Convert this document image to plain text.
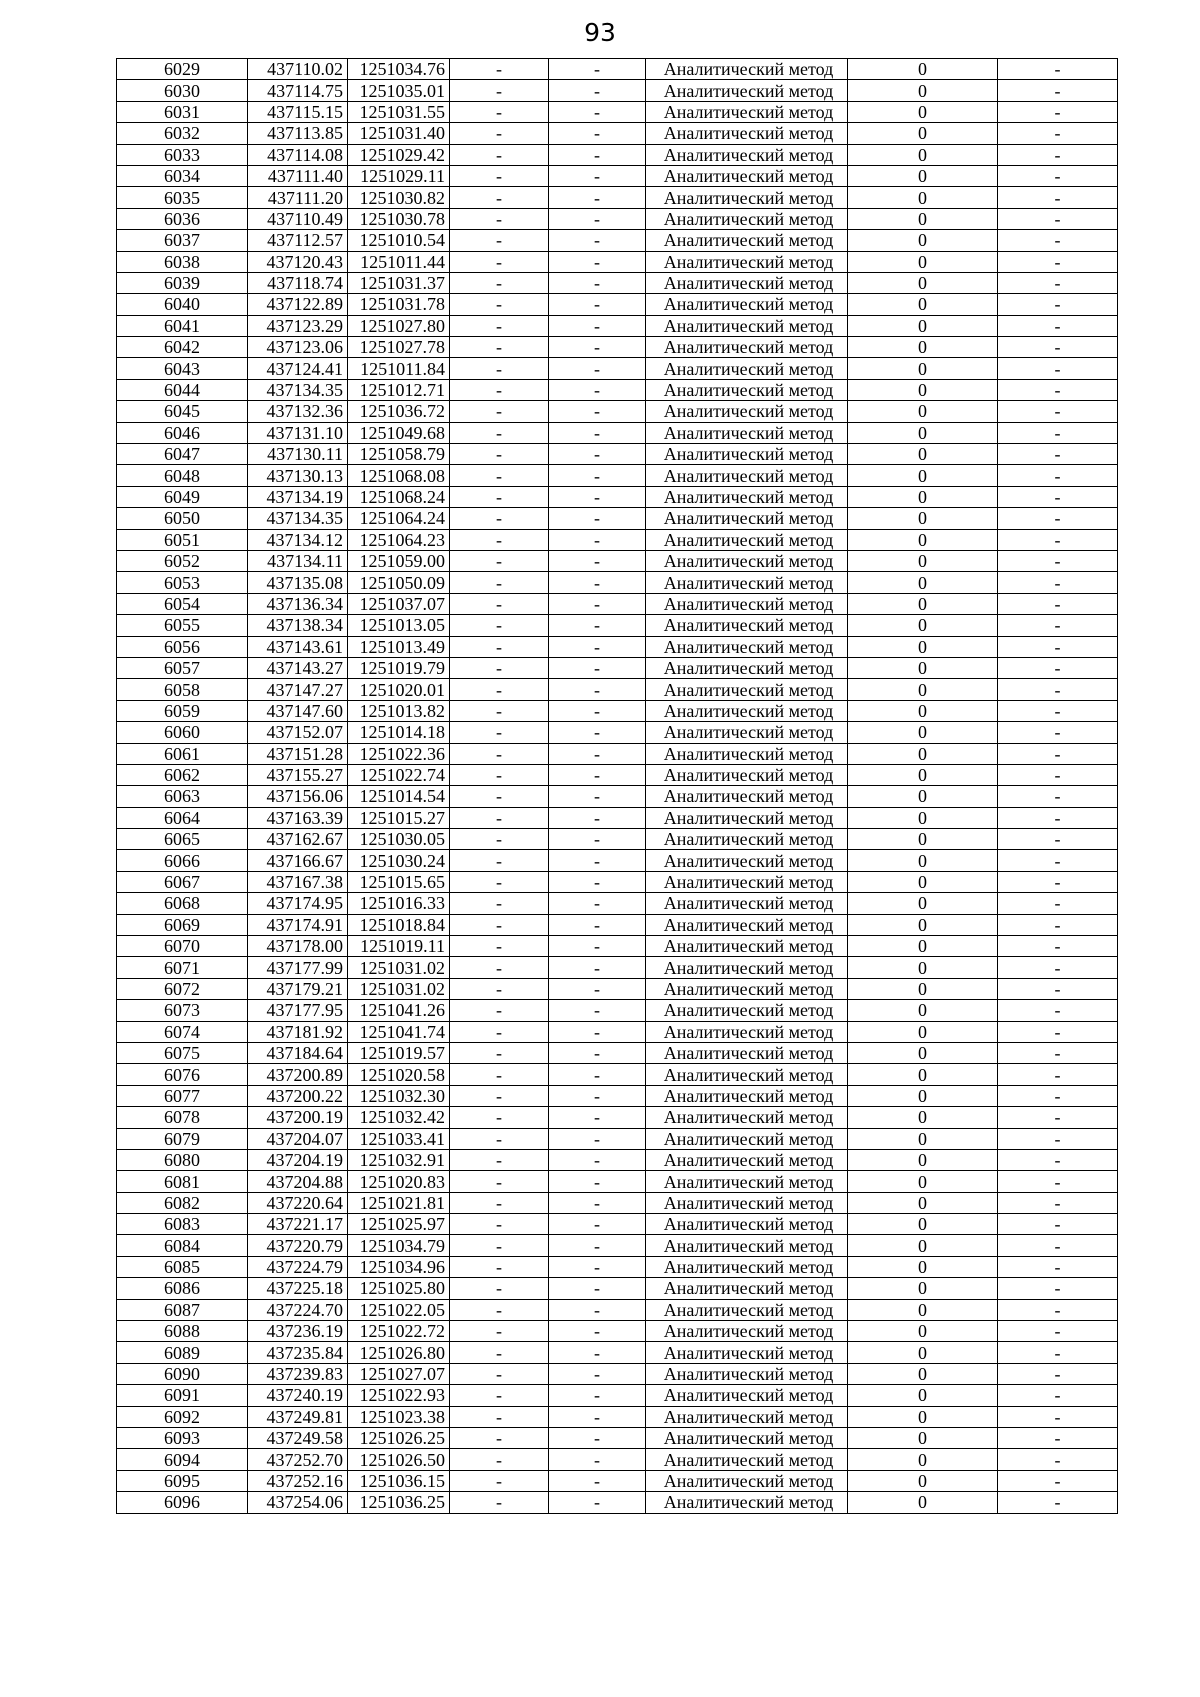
93
6029	437110.02	1251034.76	-	-	Аналитический метод	0	-
6030	437114.75	1251035.01	-	-	Аналитический метод	0	-
6031	437115.15	1251031.55	-	-	Аналитический метод	0	-
6032	437113.85	1251031.40	-	-	Аналитический метод	0	-
6033	437114.08	1251029.42	-	-	Аналитический метод	0	-
6034	437111.40	1251029.11	-	-	Аналитический метод	0	-
6035	437111.20	1251030.82	-	-	Аналитический метод	0	-
6036	437110.49	1251030.78	-	-	Аналитический метод	0	-
6037	437112.57	1251010.54	-	-	Аналитический метод	0	-
6038	437120.43	1251011.44	-	-	Аналитический метод	0	-
6039	437118.74	1251031.37	-	-	Аналитический метод	0	-
6040	437122.89	1251031.78	-	-	Аналитический метод	0	-
6041	437123.29	1251027.80	-	-	Аналитический метод	0	-
6042	437123.06	1251027.78	-	-	Аналитический метод	0	-
6043	437124.41	1251011.84	-	-	Аналитический метод	0	-
6044	437134.35	1251012.71	-	-	Аналитический метод	0	-
6045	437132.36	1251036.72	-	-	Аналитический метод	0	-
6046	437131.10	1251049.68	-	-	Аналитический метод	0	-
6047	437130.11	1251058.79	-	-	Аналитический метод	0	-
6048	437130.13	1251068.08	-	-	Аналитический метод	0	-
6049	437134.19	1251068.24	-	-	Аналитический метод	0	-
6050	437134.35	1251064.24	-	-	Аналитический метод	0	-
6051	437134.12	1251064.23	-	-	Аналитический метод	0	-
6052	437134.11	1251059.00	-	-	Аналитический метод	0	-
6053	437135.08	1251050.09	-	-	Аналитический метод	0	-
6054	437136.34	1251037.07	-	-	Аналитический метод	0	-
6055	437138.34	1251013.05	-	-	Аналитический метод	0	-
6056	437143.61	1251013.49	-	-	Аналитический метод	0	-
6057	437143.27	1251019.79	-	-	Аналитический метод	0	-
6058	437147.27	1251020.01	-	-	Аналитический метод	0	-
6059	437147.60	1251013.82	-	-	Аналитический метод	0	-
6060	437152.07	1251014.18	-	-	Аналитический метод	0	-
6061	437151.28	1251022.36	-	-	Аналитический метод	0	-
6062	437155.27	1251022.74	-	-	Аналитический метод	0	-
6063	437156.06	1251014.54	-	-	Аналитический метод	0	-
6064	437163.39	1251015.27	-	-	Аналитический метод	0	-
6065	437162.67	1251030.05	-	-	Аналитический метод	0	-
6066	437166.67	1251030.24	-	-	Аналитический метод	0	-
6067	437167.38	1251015.65	-	-	Аналитический метод	0	-
6068	437174.95	1251016.33	-	-	Аналитический метод	0	-
6069	437174.91	1251018.84	-	-	Аналитический метод	0	-
6070	437178.00	1251019.11	-	-	Аналитический метод	0	-
6071	437177.99	1251031.02	-	-	Аналитический метод	0	-
6072	437179.21	1251031.02	-	-	Аналитический метод	0	-
6073	437177.95	1251041.26	-	-	Аналитический метод	0	-
6074	437181.92	1251041.74	-	-	Аналитический метод	0	-
6075	437184.64	1251019.57	-	-	Аналитический метод	0	-
6076	437200.89	1251020.58	-	-	Аналитический метод	0	-
6077	437200.22	1251032.30	-	-	Аналитический метод	0	-
6078	437200.19	1251032.42	-	-	Аналитический метод	0	-
6079	437204.07	1251033.41	-	-	Аналитический метод	0	-
6080	437204.19	1251032.91	-	-	Аналитический метод	0	-
6081	437204.88	1251020.83	-	-	Аналитический метод	0	-
6082	437220.64	1251021.81	-	-	Аналитический метод	0	-
6083	437221.17	1251025.97	-	-	Аналитический метод	0	-
6084	437220.79	1251034.79	-	-	Аналитический метод	0	-
6085	437224.79	1251034.96	-	-	Аналитический метод	0	-
6086	437225.18	1251025.80	-	-	Аналитический метод	0	-
6087	437224.70	1251022.05	-	-	Аналитический метод	0	-
6088	437236.19	1251022.72	-	-	Аналитический метод	0	-
6089	437235.84	1251026.80	-	-	Аналитический метод	0	-
6090	437239.83	1251027.07	-	-	Аналитический метод	0	-
6091	437240.19	1251022.93	-	-	Аналитический метод	0	-
6092	437249.81	1251023.38	-	-	Аналитический метод	0	-
6093	437249.58	1251026.25	-	-	Аналитический метод	0	-
6094	437252.70	1251026.50	-	-	Аналитический метод	0	-
6095	437252.16	1251036.15	-	-	Аналитический метод	0	-
6096	437254.06	1251036.25	-	-	Аналитический метод	0	-
